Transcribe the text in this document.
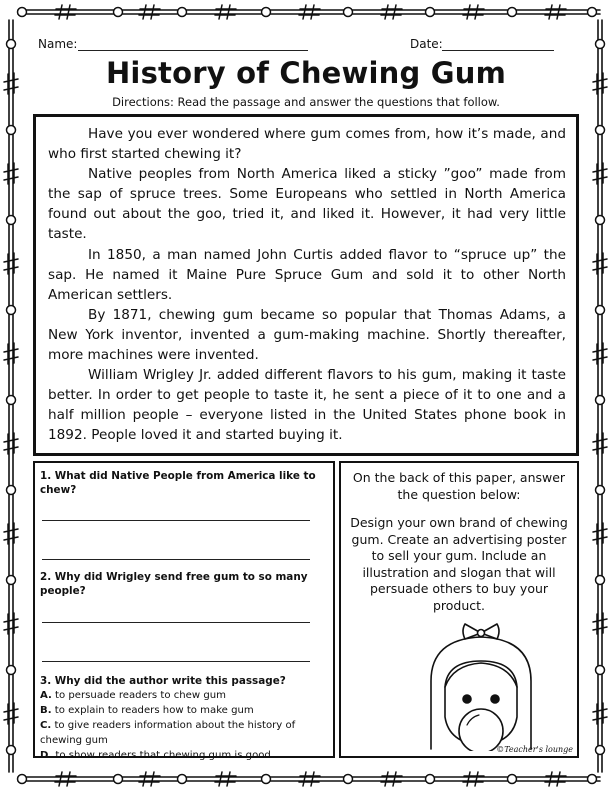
Name:	Date:
History of Chewing Gum
Directions: Read the passage and answer the questions that follow.

Have you ever wondered where gum comes from, how it’s made, and who first started chewing it?

Native peoples from North America liked a sticky ”goo” made from the sap of spruce trees. Some Europeans who settled in North America found out about the goo, tried it, and liked it. However, it had very little taste.

In 1850, a man named John Curtis added flavor to “spruce up” the sap. He named it Maine Pure Spruce Gum and sold it to other North American settlers.

By 1871, chewing gum became so popular that Thomas Adams, a New York inventor, invented a gum-making machine. Shortly thereafter, more machines were invented.

William Wrigley Jr. added different flavors to his gum, making it taste better. In order to get people to taste it, he sent a piece of it to one and a half million people – everyone listed in the United States phone book in 1892. People loved it and started buying it.

1. What did Native People from America like to chew?
2. Why did Wrigley send free gum to so many people?
3. Why did the author write this passage?
A. to persuade readers to chew gum
B. to explain to readers how to make gum
C. to give readers information about the history of chewing gum
D. to show readers that chewing gum is good
On the back of this paper, answer the question below:
Design your own brand of chewing gum. Create an advertising poster to sell your gum. Include an illustration and slogan that will persuade others to buy your product.
©Teacher's lounge
